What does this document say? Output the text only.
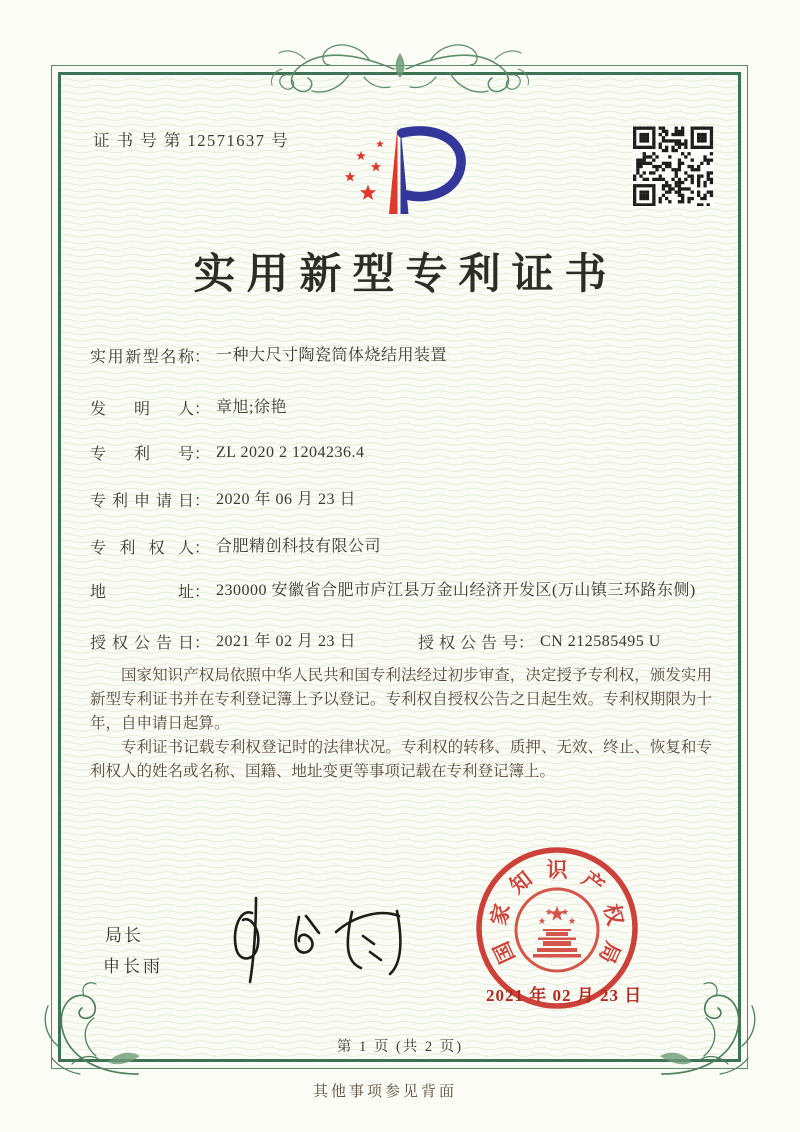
证 书 号 第 12571637 号
实用新型专利证书
实用新型名称： 一种大尺寸陶瓷筒体烧结用装置
发明人： 章旭;徐艳
专利号： ZL 2020 2 1204236.4
专利申请日： 2020 年 06 月 23 日
专利权人： 合肥精创科技有限公司
地址： 230000 安徽省合肥市庐江县万金山经济开发区(万山镇三环路东侧)
授权公告日： 2021 年 02 月 23 日	授权公告号： CN 212585495 U

国家知识产权局依照中华人民共和国专利法经过初步审查，决定授予专利权，颁发实用新型专利证书并在专利登记簿上予以登记。专利权自授权公告之日起生效。专利权期限为十年，自申请日起算。

专利证书记载专利权登记时的法律状况。专利权的转移、质押、无效、终止、恢复和专利权人的姓名或名称、国籍、地址变更等事项记载在专利登记簿上。

局长
申长雨	国
家
知 识 产
权
局
2021 年 02 月 23 日
第 1 页 (共 2 页)
其他事项参见背面
